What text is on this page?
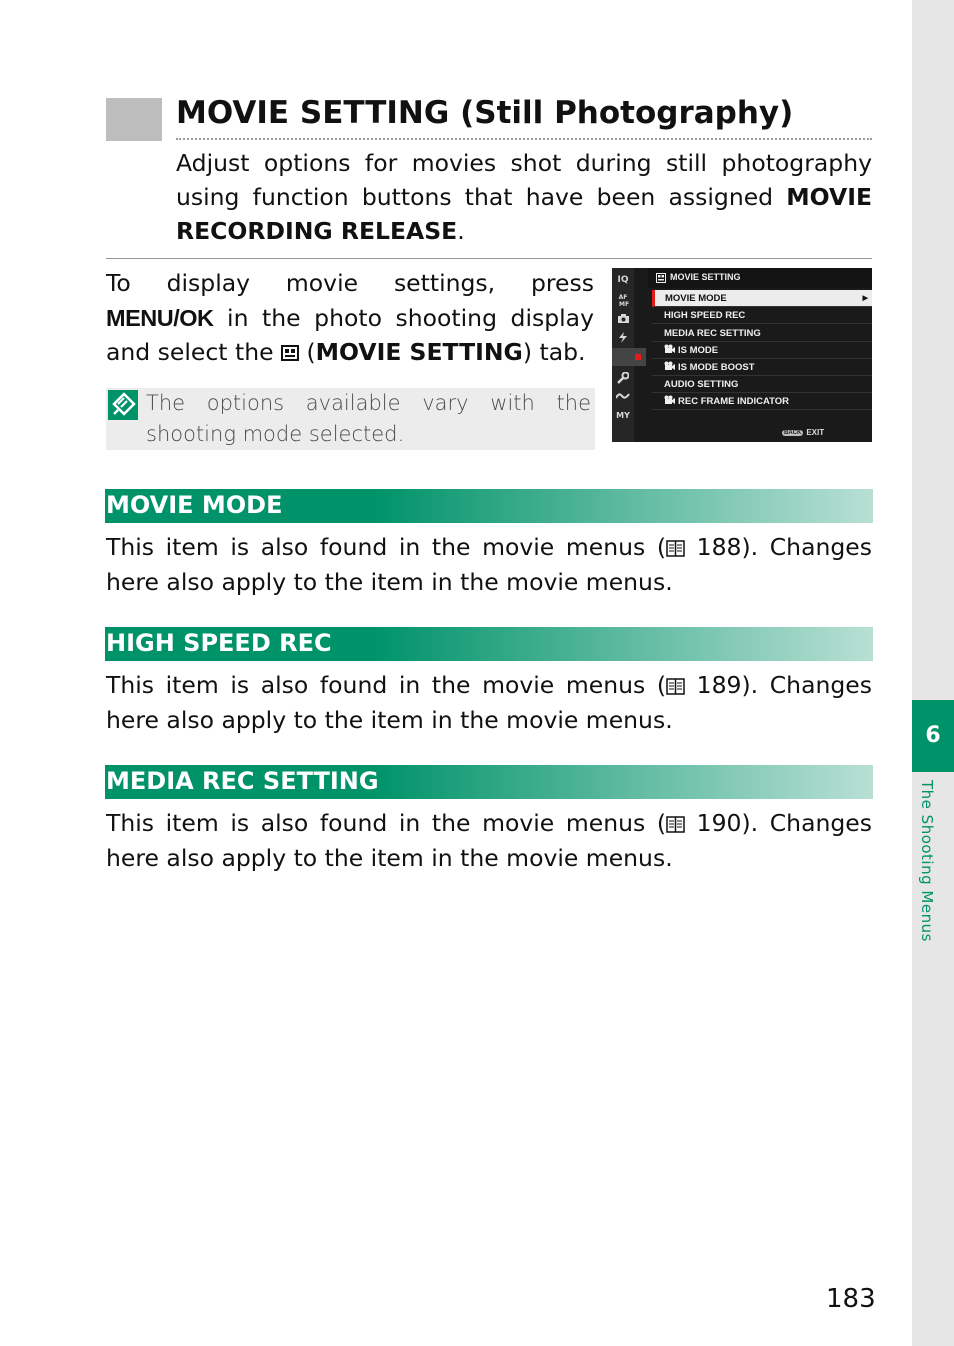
6
The Shooting Menus
MOVIE SETTING (Still Photography)

Adjust options for movies shot during still photography using function buttons that have been assigned MOVIE RECORDING RELEASE.

To display movie settings, press MENU/OK in the photo shooting display and select the  (MOVIE SETTING) tab.

The options available vary with the shooting mode selected.

IQ
AF
MF
MY
MOVIE SETTING
MOVIE MODE	▶
HIGH SPEED REC
MEDIA REC SETTING
IS MODE
IS MODE BOOST
AUDIO SETTING
REC FRAME INDICATOR
BACK EXIT
MOVIE MODE

This item is also found in the movie menus ( 188). Changes here also apply to the item in the movie menus.

HIGH SPEED REC

This item is also found in the movie menus ( 189). Changes here also apply to the item in the movie menus.

MEDIA REC SETTING

This item is also found in the movie menus ( 190). Changes here also apply to the item in the movie menus.

183
